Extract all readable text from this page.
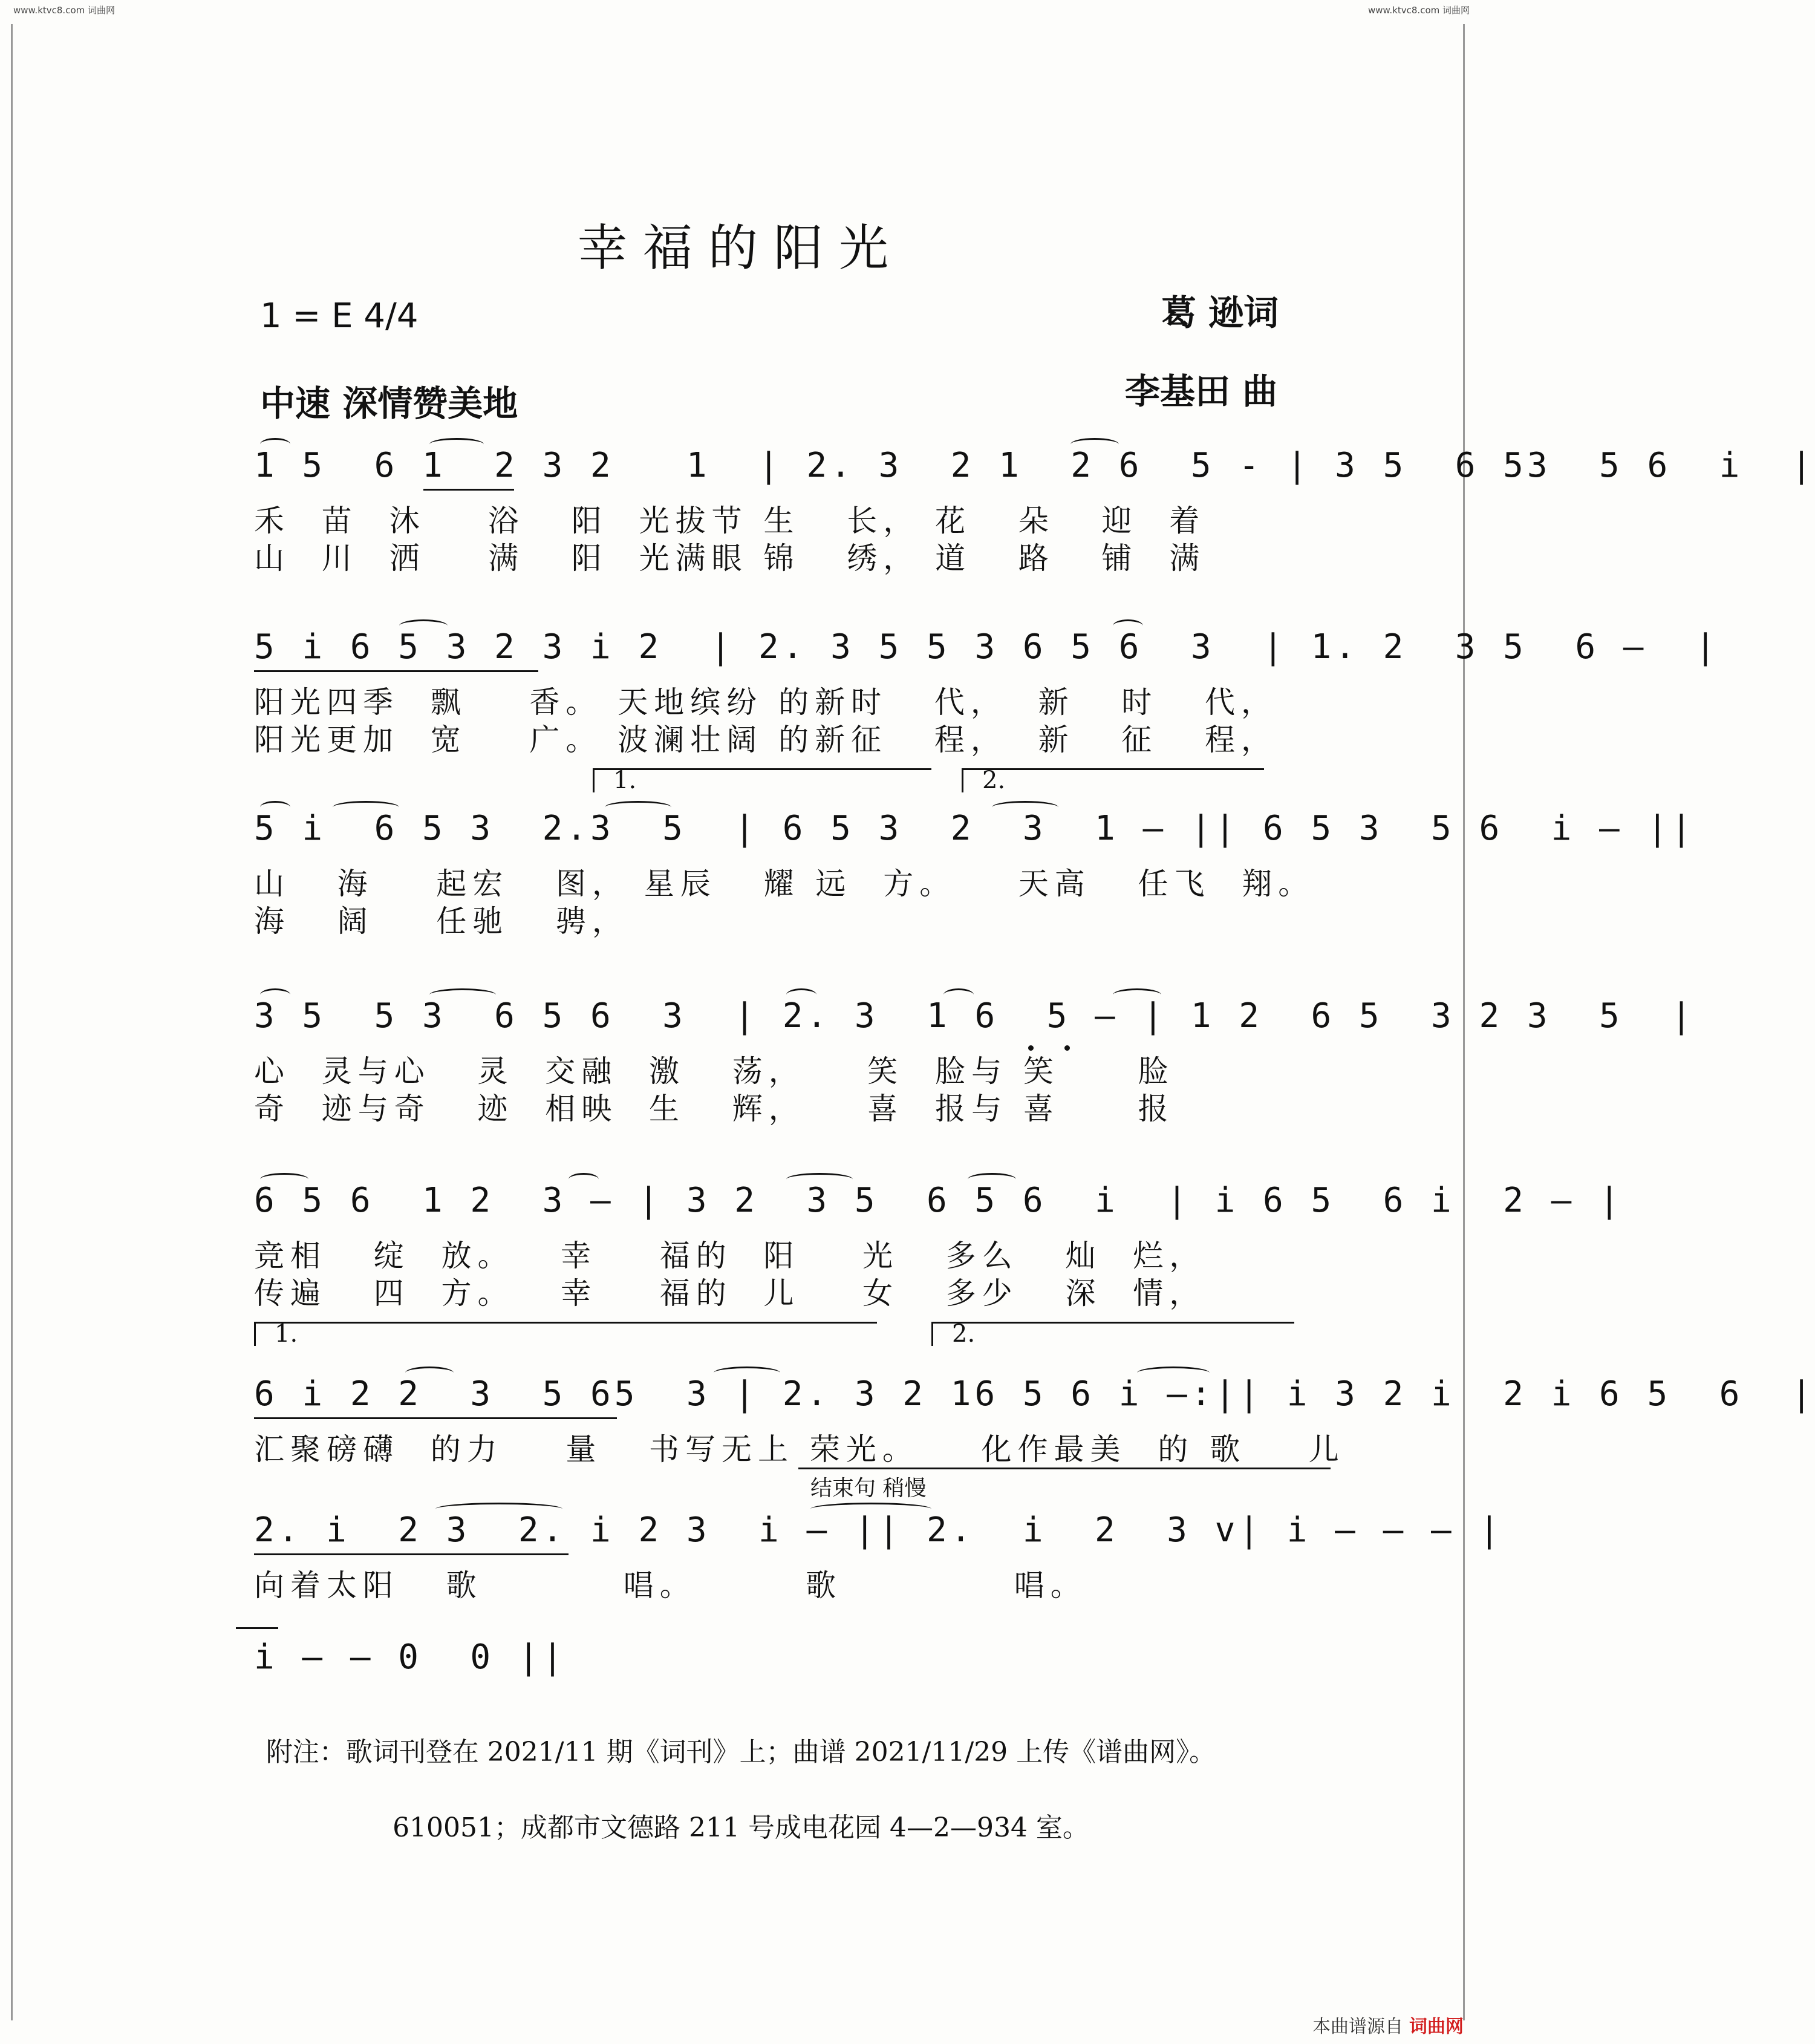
www.ktvc8.com 词曲网	www.ktvc8.com 词曲网
幸福的阳光
1 = E 4/4	葛 逊词
中速 深情赞美地	李基田 曲
1 5  6 1  2 3 2   1  | 2. 3  2 1  2 6  5 - | 3 5  6 53  5 6  i  |
禾  苗  沐    浴   阳  光拔节 生   长， 花   朵   迎  着
山  川  洒    满   阳  光满眼 锦   绣， 道   路   铺  满
5 i 6 5 3 2 3 i 2  | 2. 3 5 5 3 6 5 6  3  | 1. 2  3 5  6 —  |
阳光四季  飘    香。 天地缤纷 的新时   代，  新   时   代，
阳光更加  宽    广。 波澜壮阔 的新征   程，  新   征   程，
1.	2.
5 i  6 5 3  2.3  5  | 6 5 3  2  3  1 — || 6 5 3  5 6  i — ||
山   海    起宏   图， 星辰   耀 远  方。    天高   任飞  翔。
海   阔    任驰   骋，
3 5  5 3  6 5 6  3  | 2. 3  1 6  5 — | 1 2  6 5  3 2 3  5  |
心  灵与心   灵  交融  激   荡，    笑  脸与 笑     脸
奇  迹与奇   迹  相映  生   辉，    喜  报与 喜     报
6 5 6  1 2  3 — | 3 2  3 5  6 5 6  i  | i 6 5  6 i  2 — |
竞相   绽  放。   幸    福的  阳    光   多么   灿  烂，
传遍   四  方。   幸    福的  儿    女   多少   深  情，
1.	2.
6 i 2 2  3  5 65  3 | 2. 3 2 16 5 6 i —:|| i 3 2 i  2 i 6 5  6  |
汇聚磅礴  的力    量   书写无上 荣光。    化作最美  的 歌    儿
结束句 稍慢
2. i  2 3  2. i 2 3  i — || 2.  i  2  3 v| i — — — |
向着太阳   歌         唱。       歌           唱。
i — — 0  0 ||
附注：歌词刊登在 2021/11 期《词刊》上；曲谱 2021/11/29 上传《谱曲网》。
610051；成都市文德路 211 号成电花园 4—2—934 室。
本曲谱源自 词曲网
